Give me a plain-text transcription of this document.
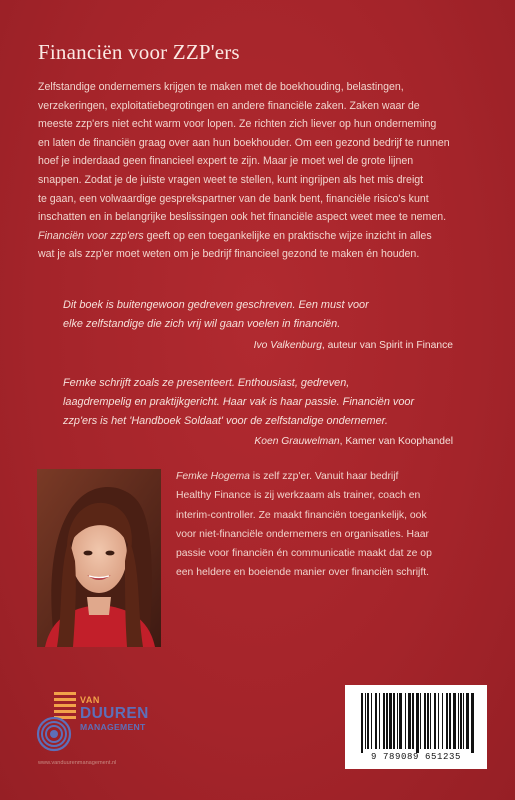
Financiën voor ZZP'ers

Zelfstandige ondernemers krijgen te maken met de boekhouding, belastingen,
verzekeringen, exploitatiebegrotingen en andere financiële zaken. Zaken waar de
meeste zzp'ers niet echt warm voor lopen. Ze richten zich liever op hun onderneming
en laten de financiën graag over aan hun boekhouder. Om een gezond bedrijf te runnen
hoef je inderdaad geen financieel expert te zijn. Maar je moet wel de grote lijnen
snappen. Zodat je de juiste vragen weet te stellen, kunt ingrijpen als het mis dreigt
te gaan, een volwaardige gesprekspartner van de bank bent, financiële risico's kunt
inschatten en in belangrijke beslissingen ook het financiële aspect weet mee te nemen.
Financiën voor zzp'ers geeft op een toegankelijke en praktische wijze inzicht in alles
wat je als zzp'er moet weten om je bedrijf financieel gezond te maken én houden.

Dit boek is buitengewoon gedreven geschreven. Een must voor
elke zelfstandige die zich vrij wil gaan voelen in financiën.

Ivo Valkenburg, auteur van Spirit in Finance

Femke schrijft zoals ze presenteert. Enthousiast, gedreven,
laagdrempelig en praktijkgericht. Haar vak is haar passie. Financiën voor
zzp'ers is het 'Handboek Soldaat' voor de zelfstandige ondernemer.

Koen Grauwelman, Kamer van Koophandel

Femke Hogema is zelf zzp'er. Vanuit haar bedrijf
Healthy Finance is zij werkzaam als trainer, coach en
interim-controller. Ze maakt financiën toegankelijk, ook
voor niet-financiële ondernemers en organisaties. Haar
passie voor financiën én communicatie maakt dat ze op
een heldere en boeiende manier over financiën schrijft.

VAN
DUUREN
MANAGEMENT
www.vanduurenmanagement.nl
9 789089 651235
